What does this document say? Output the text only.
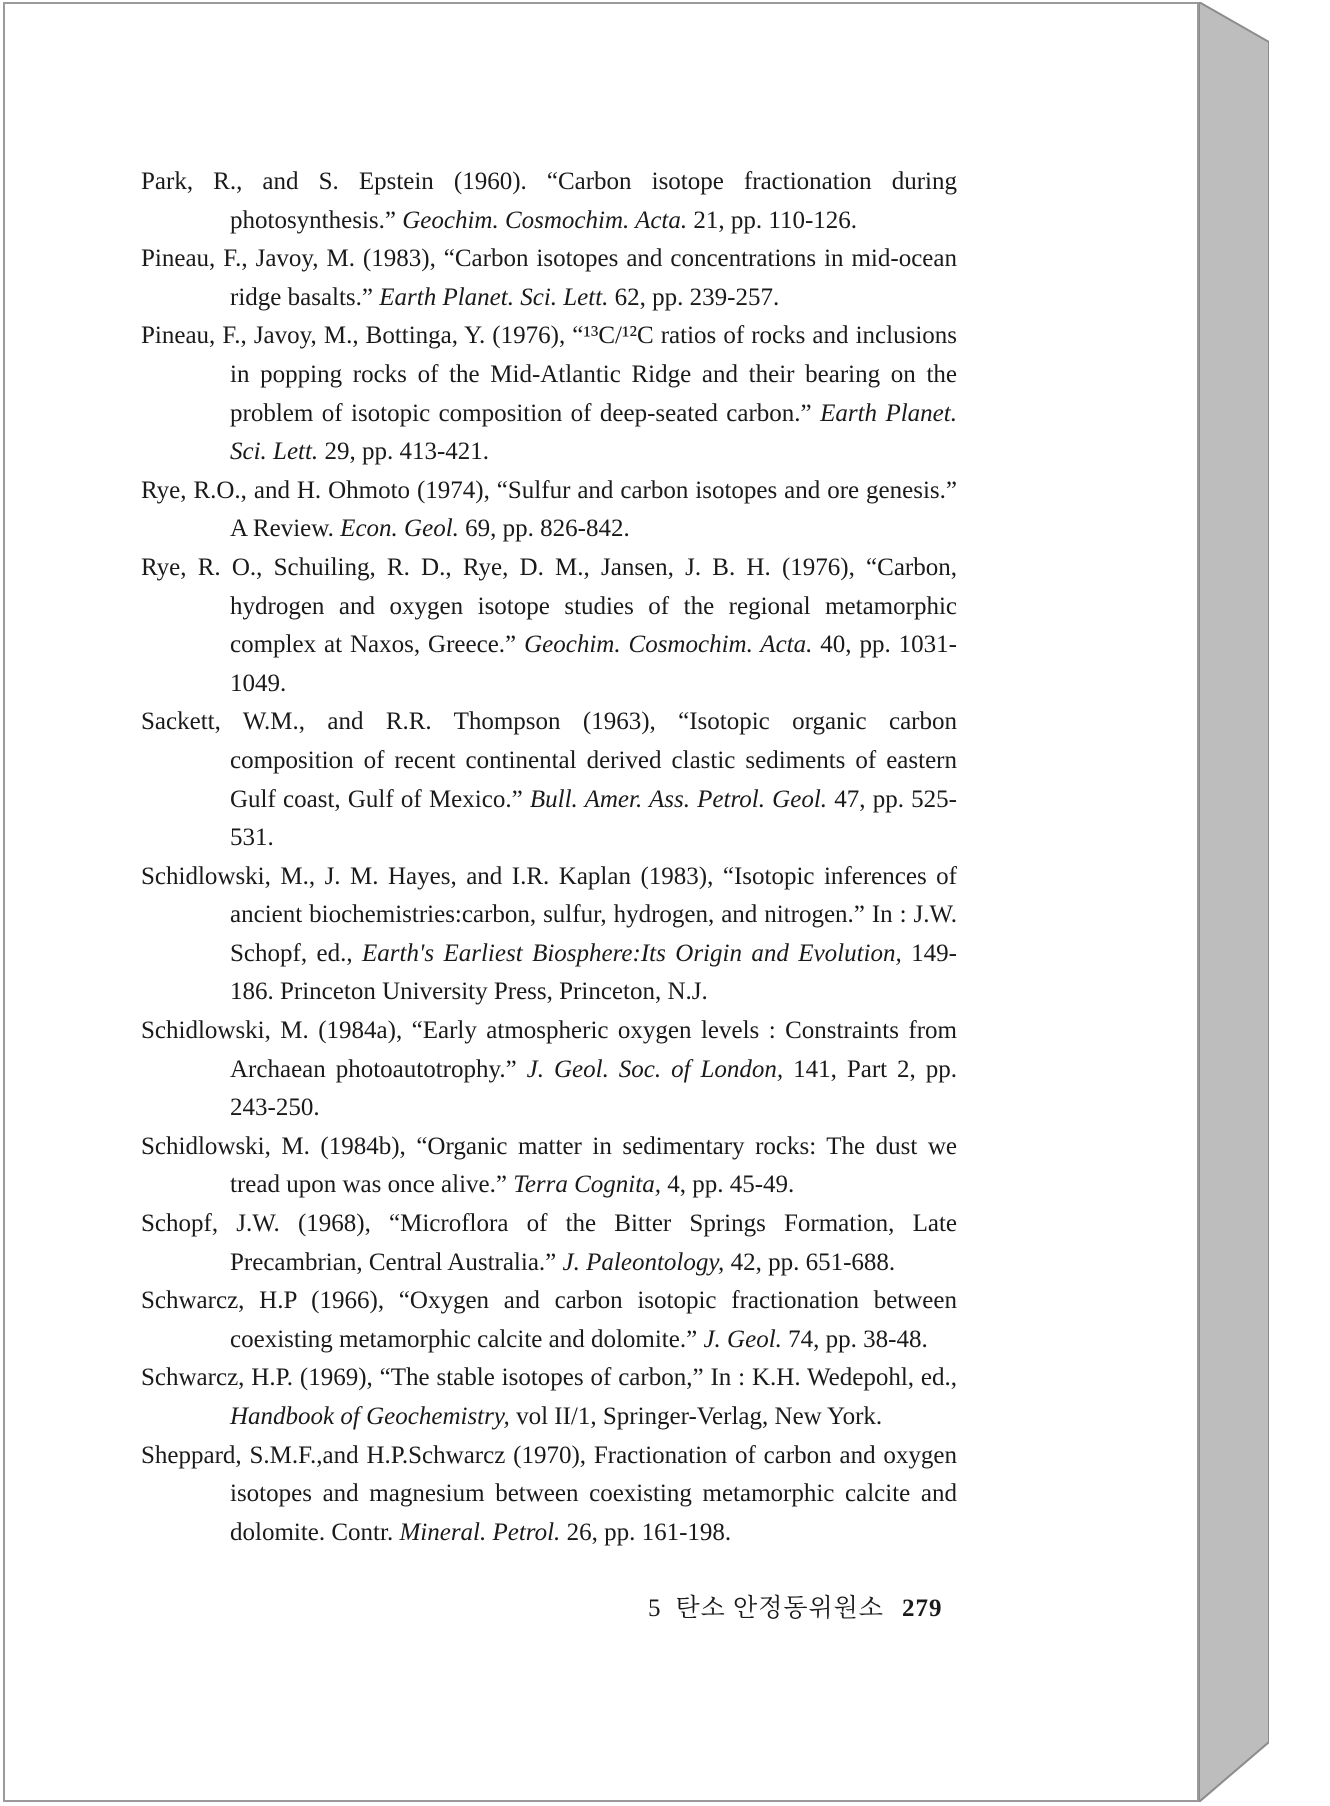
Park, R., and S. Epstein (1960). “Carbon isotope fractionation during photosynthesis.” Geochim. Cosmochim. Acta. 21, pp. 110-126.

Pineau, F., Javoy, M. (1983), “Carbon isotopes and concentrations in mid-ocean ridge basalts.” Earth Planet. Sci. Lett. 62, pp. 239-257.

Pineau, F., Javoy, M., Bottinga, Y. (1976), “¹³C/¹²C ratios of rocks and inclusions in popping rocks of the Mid-Atlantic Ridge and their bearing on the problem of isotopic composition of deep-seated carbon.” Earth Planet. Sci. Lett. 29, pp. 413-421.

Rye, R.O., and H. Ohmoto (1974), “Sulfur and carbon isotopes and ore genesis.” A Review. Econ. Geol. 69, pp. 826-842.

Rye, R. O., Schuiling, R. D., Rye, D. M., Jansen, J. B. H. (1976), “Carbon, hydrogen and oxygen isotope studies of the regional metamorphic complex at Naxos, Greece.” Geochim. Cosmochim. Acta. 40, pp. 1031-1049.

Sackett, W.M., and R.R. Thompson (1963), “Isotopic organic carbon composition of recent continental derived clastic sediments of eastern Gulf coast, Gulf of Mexico.” Bull. Amer. Ass. Petrol. Geol. 47, pp. 525-531.

Schidlowski, M., J. M. Hayes, and I.R. Kaplan (1983), “Isotopic inferences of ancient biochemistries:carbon, sulfur, hydrogen, and nitrogen.” In : J.W. Schopf, ed., Earth's Earliest Biosphere:Its Origin and Evolution, 149-186. Princeton University Press, Princeton, N.J.

Schidlowski, M. (1984a), “Early atmospheric oxygen levels : Constraints from Archaean photoautotrophy.” J. Geol. Soc. of London, 141, Part 2, pp. 243-250.

Schidlowski, M. (1984b), “Organic matter in sedimentary rocks: The dust we tread upon was once alive.” Terra Cognita, 4, pp. 45-49.

Schopf, J.W. (1968), “Microflora of the Bitter Springs Formation, Late Precambrian, Central Australia.” J. Paleontology, 42, pp. 651-688.

Schwarcz, H.P (1966), “Oxygen and carbon isotopic fractionation between coexisting metamorphic calcite and dolomite.” J. Geol. 74, pp. 38-48.

Schwarcz, H.P. (1969), “The stable isotopes of carbon,” In : K.H. Wedepohl, ed., Handbook of Geochemistry, vol II/1, Springer-Verlag, New York.

Sheppard, S.M.F.,and H.P.Schwarcz (1970), Fractionation of carbon and oxygen isotopes and magnesium between coexisting metamorphic calcite and dolomite. Contr. Mineral. Petrol. 26, pp. 161-198.

5 탄소 안정동위원소 279
